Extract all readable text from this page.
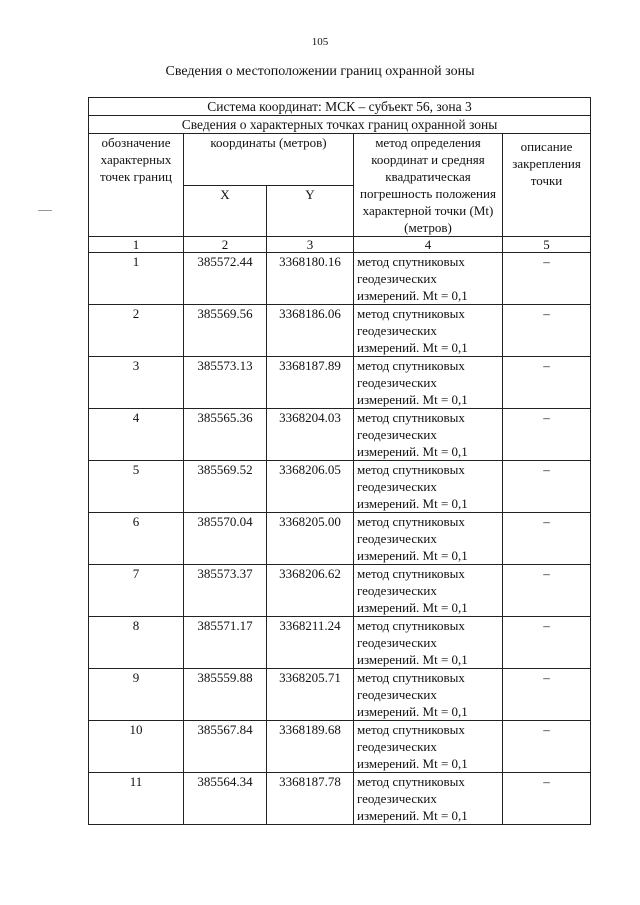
105
Сведения о местоположении границ охранной зоны
Система координат: МСК – субъект 56, зона 3				
Сведения о характерных точках границ охранной зоны				
обозначение характерных точек границ	координаты (метров)		метод определения координат и средняя квадратическая погрешность положения характерной точки (Mt) (метров)	описание закрепления точки
	X	Y		
1	2	3	4	5
1	385572.44	3368180.16	метод спутниковых геодезических измерений. Mt = 0,1	–
2	385569.56	3368186.06	метод спутниковых геодезических измерений. Mt = 0,1	–
3	385573.13	3368187.89	метод спутниковых геодезических измерений. Mt = 0,1	–
4	385565.36	3368204.03	метод спутниковых геодезических измерений. Mt = 0,1	–
5	385569.52	3368206.05	метод спутниковых геодезических измерений. Mt = 0,1	–
6	385570.04	3368205.00	метод спутниковых геодезических измерений. Mt = 0,1	–
7	385573.37	3368206.62	метод спутниковых геодезических измерений. Mt = 0,1	–
8	385571.17	3368211.24	метод спутниковых геодезических измерений. Mt = 0,1	–
9	385559.88	3368205.71	метод спутниковых геодезических измерений. Mt = 0,1	–
10	385567.84	3368189.68	метод спутниковых геодезических измерений. Mt = 0,1	–
11	385564.34	3368187.78	метод спутниковых геодезических измерений. Mt = 0,1	–
